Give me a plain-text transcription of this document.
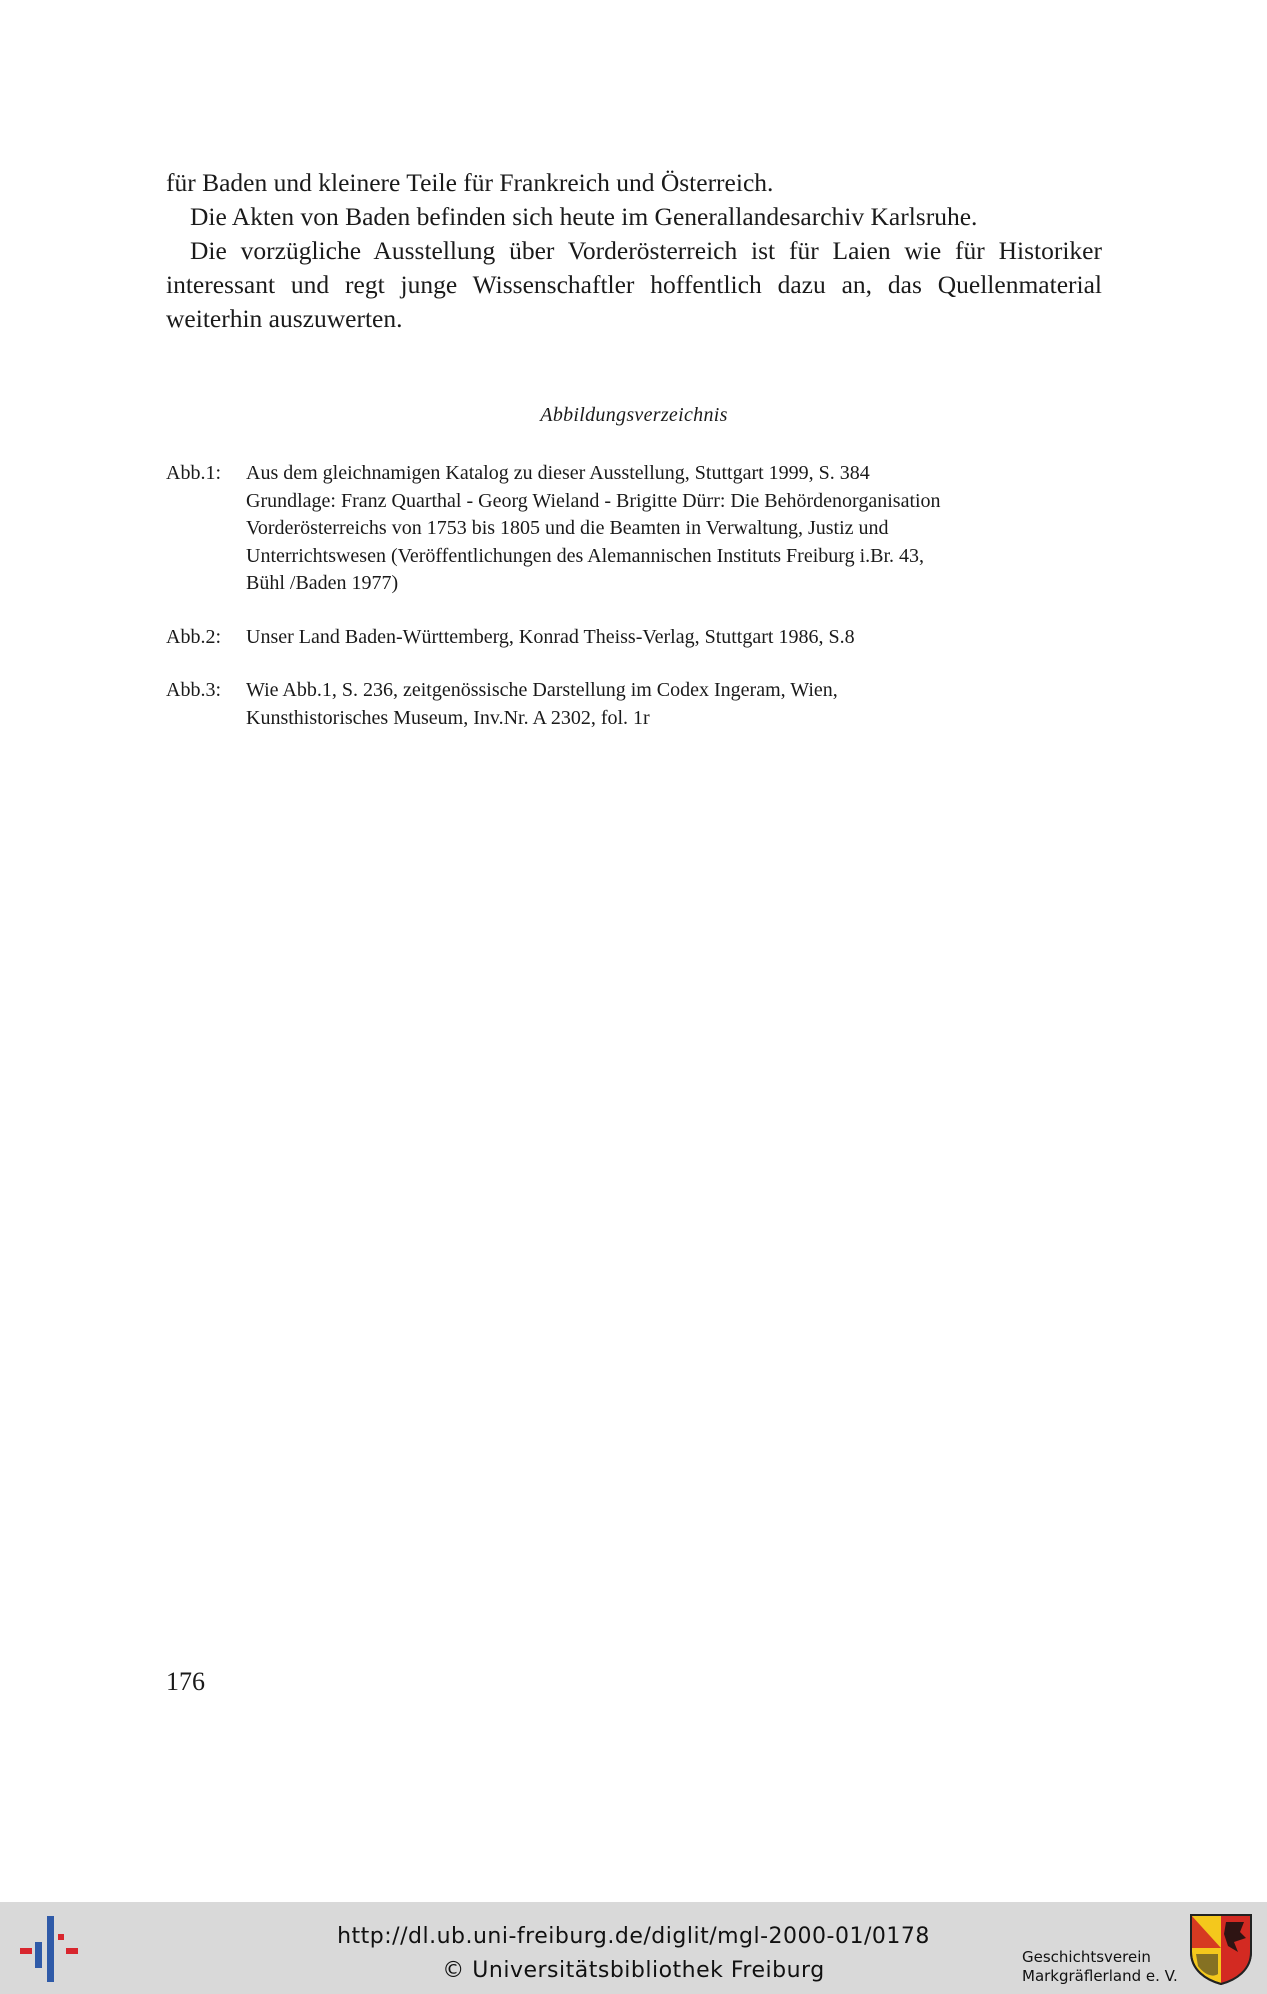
für Baden und kleinere Teile für Frankreich und Österreich.

Die Akten von Baden befinden sich heute im Generallandesarchiv Karlsruhe.

Die vorzügliche Ausstellung über Vorderösterreich ist für Laien wie für Historiker interessant und regt junge Wissenschaftler hoffentlich dazu an, das Quellenmaterial weiterhin auszuwerten.

Abbildungsverzeichnis
Abb.1:	Aus dem gleichnamigen Katalog zu dieser Ausstellung, Stuttgart 1999, S. 384
Grundlage: Franz Quarthal - Georg Wieland - Brigitte Dürr: Die Behördenorganisation
Vorderösterreichs von 1753 bis 1805 und die Beamten in Verwaltung, Justiz und
Unterrichtswesen (Veröffentlichungen des Alemannischen Instituts Freiburg i.Br. 43,
Bühl /Baden 1977)
Abb.2:	Unser Land Baden-Württemberg, Konrad Theiss-Verlag, Stuttgart 1986, S.8
Abb.3:	Wie Abb.1, S. 236, zeitgenössische Darstellung im Codex Ingeram, Wien,
Kunsthistorisches Museum, Inv.Nr. A 2302, fol. 1r
176
http://dl.ub.uni-freiburg.de/diglit/mgl-2000-01/0178
© Universitätsbibliothek Freiburg
Geschichtsverein
Markgräflerland e. V.
